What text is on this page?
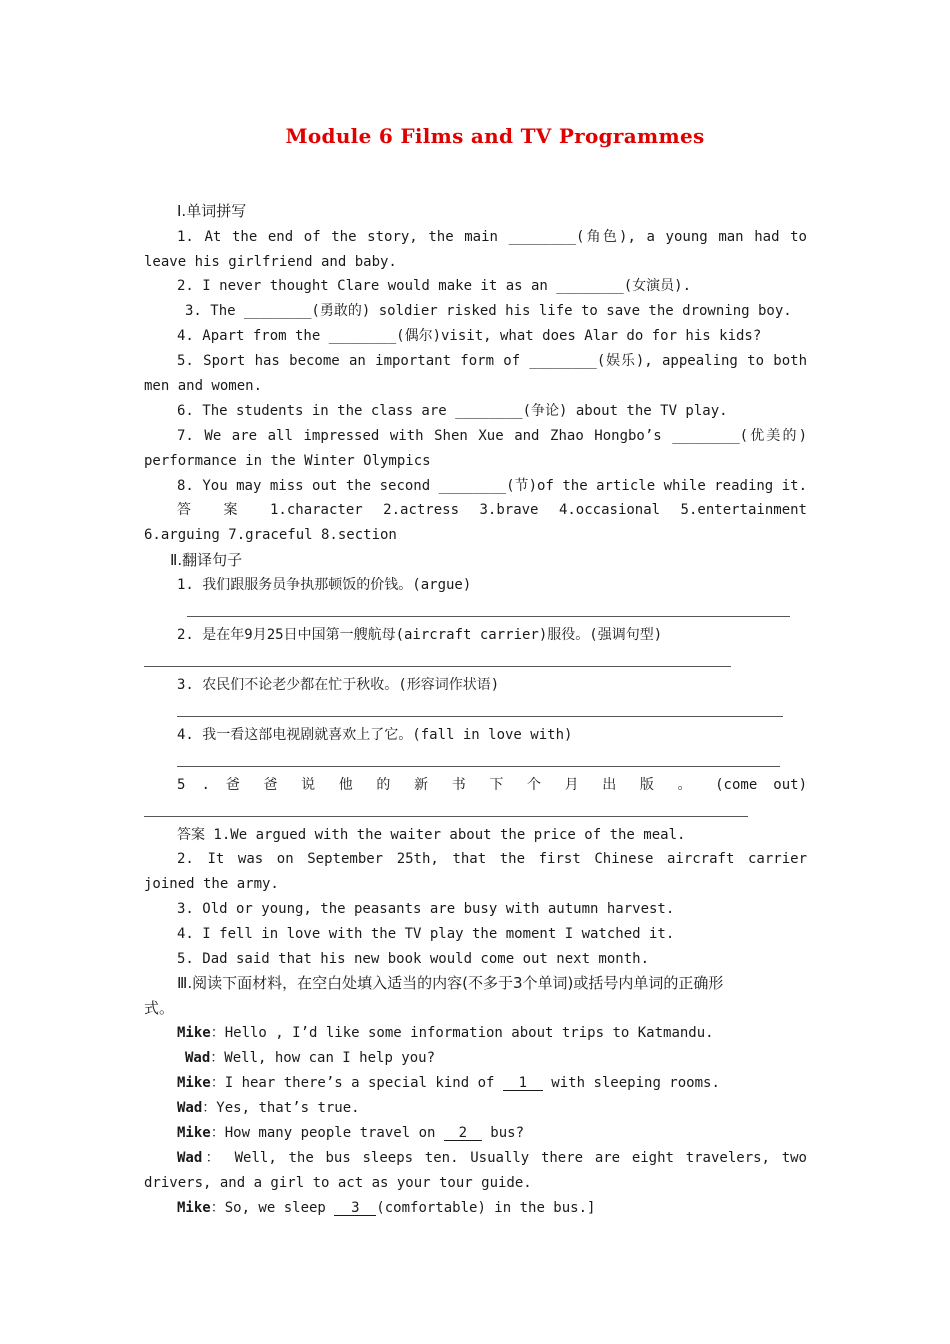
Module 6 Films and TV Programmes
Ⅰ.单词拼写
1. At the end of the story, the main ________(角色), a young man had to
leave his girlfriend and baby.
2. I never thought Clare would make it as an ________(女演员).
3. The ________(勇敢的) soldier risked his life to save the drowning boy.
4. Apart from the ________(偶尔)visit, what does Alar do for his kids?
5. Sport has become an important form of ________(娱乐), appealing to both
men and women.
6. The students in the class are ________(争论) about the TV play.
7. We are all impressed with Shen Xue and Zhao Hongbo’s ________(优美的)
performance in the Winter Olympics
8. You may miss out the second ________(节)of the article while reading it.
答 案 1.character 2.actress 3.brave 4.occasional 5.entertainment
6.arguing 7.graceful 8.section
Ⅱ.翻译句子
1. 我们跟服务员争执那顿饭的价钱。(argue)
2. 是在年9月25日中国第一艘航母(aircraft carrier)服役。(强调句型)
3. 农民们不论老少都在忙于秋收。(形容词作状语)
4. 我一看这部电视剧就喜欢上了它。(fall in love with)
5 . 爸 爸 说 他 的 新 书 下 个 月 出 版 。 (come out)
答案 1.We argued with the waiter about the price of the meal.
2. It was on September 25th, that the first Chinese aircraft carrier
joined the army.
3. Old or young, the peasants are busy with autumn harvest.
4. I fell in love with the TV play the moment I watched it.
5. Dad said that his new book would come out next month.
Ⅲ.阅读下面材料，在空白处填入适当的内容(不多于3个单词)或括号内单词的正确形
式。
Mike：Hello , I’d like some information about trips to Katmandu.
Wad：Well, how can I help you?
Mike：I hear there’s a special kind of 1 with sleeping rooms.
Wad：Yes, that’s true.
Mike：How many people travel on 2 bus?
Wad： Well, the bus sleeps ten. Usually there are eight travelers, two
drivers, and a girl to act as your tour guide.
Mike：So, we sleep 3 (comfortable) in the bus.]
